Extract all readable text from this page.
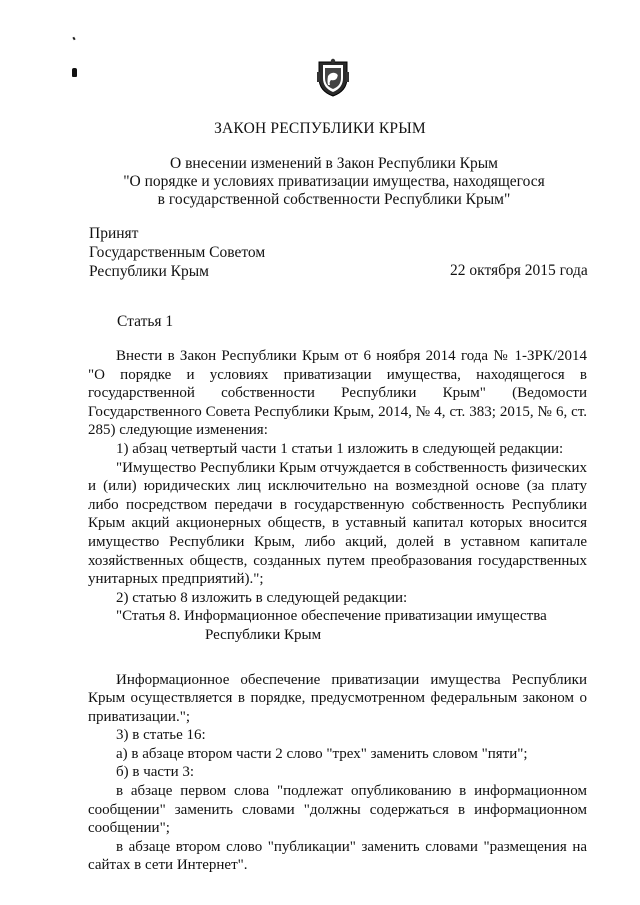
ЗАКОН РЕСПУБЛИКИ КРЫМ
О внесении изменений в Закон Республики Крым
"О порядке и условиях приватизации имущества, находящегося
в государственной собственности Республики Крым"
Принят
Государственным Советом
Республики Крым	22 октября 2015 года
Статья 1

Внести в Закон Республики Крым от 6 ноября 2014 года № 1-ЗРК/2014 "О порядке и условиях приватизации имущества, находящегося в государственной собственности Республики Крым" (Ведомости Государственного Совета Республики Крым, 2014, № 4, ст. 383; 2015, № 6, ст. 285) следующие изменения:

1) абзац четвертый части 1 статьи 1 изложить в следующей редакции:

"Имущество Республики Крым отчуждается в собственность физических и (или) юридических лиц исключительно на возмездной основе (за плату либо посредством передачи в государственную собственность Республики Крым акций акционерных обществ, в уставный капитал которых вносится имущество Республики Крым, либо акций, долей в уставном капитале хозяйственных обществ, созданных путем преобразования государственных унитарных предприятий).";

2) статью 8 изложить в следующей редакции:

"Статья 8. Информационное обеспечение приватизации имущества
Республики Крым

Информационное обеспечение приватизации имущества Республики Крым осуществляется в порядке, предусмотренном федеральным законом о приватизации.";

3) в статье 16:

а) в абзаце втором части 2 слово "трех" заменить словом "пяти";

б) в части 3:

в абзаце первом слова "подлежат опубликованию в информационном сообщении" заменить словами "должны содержаться в информационном сообщении";

в абзаце втором слово "публикации" заменить словами "размещения на сайтах в сети Интернет".
